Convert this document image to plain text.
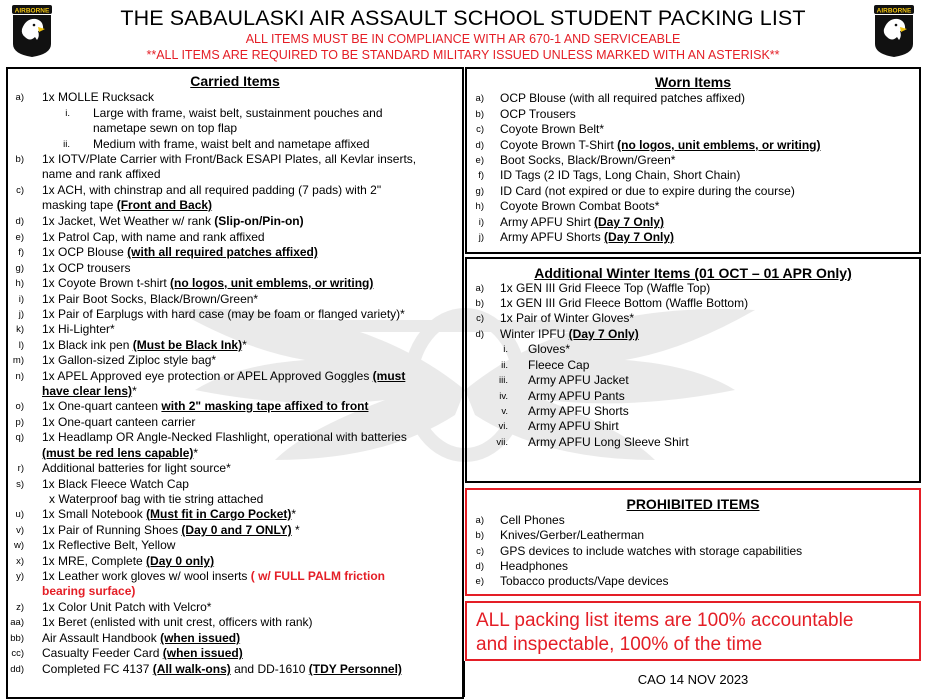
AIRBORNE	AIRBORNE
THE SABAULASKI AIR ASSAULT SCHOOL STUDENT PACKING LIST
ALL ITEMS MUST BE IN COMPLIANCE WITH AR 670-1 AND SERVICEABLE
**ALL ITEMS ARE REQUIRED TO BE STANDARD MILITARY ISSUED UNLESS MARKED WITH AN ASTERISK**
Carried Items
a) 1x MOLLE Rucksack
i. Large with frame, waist belt, sustainment pouches and
nametape sewn on top flap
ii. Medium with frame, waist belt and nametape affixed
b) 1x IOTV/Plate Carrier with Front/Back ESAPI Plates, all Kevlar inserts,
name and rank affixed
c) 1x ACH, with chinstrap and all required padding (7 pads) with 2"
masking tape (Front and Back)
d) 1x Jacket, Wet Weather w/ rank (Slip-on/Pin-on)
e) 1x Patrol Cap, with name and rank affixed
f) 1x OCP Blouse (with all required patches affixed)
g) 1x OCP trousers
h) 1x Coyote Brown t-shirt (no logos, unit emblems, or writing)
i) 1x Pair Boot Socks, Black/Brown/Green*
j) 1x Pair of Earplugs with hard case (may be foam or flanged variety)*
k) 1x Hi-Lighter*
l) 1x Black ink pen (Must be Black Ink)*
m) 1x Gallon-sized Ziploc style bag*
n) 1x APEL Approved eye protection or APEL Approved Goggles (must
have clear lens)*
o) 1x One-quart canteen with 2" masking tape affixed to front
p) 1x One-quart canteen carrier
q) 1x Headlamp OR Angle-Necked Flashlight, operational with batteries
(must be red lens capable)*
r) Additional batteries for light source*
s) 1x Black Fleece Watch Cap
x Waterproof bag with tie string attached
u) 1x Small Notebook (Must fit in Cargo Pocket)*
v) 1x Pair of Running Shoes (Day 0 and 7 ONLY) *
w) 1x Reflective Belt, Yellow
x) 1x MRE, Complete (Day 0 only)
y) 1x Leather work gloves w/ wool inserts ( w/ FULL PALM friction
bearing surface)
z) 1x Color Unit Patch with Velcro*
aa) 1x Beret (enlisted with unit crest, officers with rank)
bb) Air Assault Handbook (when issued)
cc) Casualty Feeder Card (when issued)
dd) Completed FC 4137 (All walk-ons) and DD-1610 (TDY Personnel)
Worn Items
a) OCP Blouse (with all required patches affixed)
b) OCP Trousers
c) Coyote Brown Belt*
d) Coyote Brown T-Shirt (no logos, unit emblems, or writing)
e) Boot Socks, Black/Brown/Green*
f) ID Tags (2 ID Tags, Long Chain, Short Chain)
g) ID Card (not expired or due to expire during the course)
h) Coyote Brown Combat Boots*
i) Army APFU Shirt (Day 7 Only)
j) Army APFU Shorts (Day 7 Only)
Additional Winter Items (01 OCT – 01 APR Only)
a) 1x GEN III Grid Fleece Top (Waffle Top)
b) 1x GEN III Grid Fleece Bottom (Waffle Bottom)
c) 1x Pair of Winter Gloves*
d) Winter IPFU (Day 7 Only)
i. Gloves*
ii. Fleece Cap
iii. Army APFU Jacket
iv. Army APFU Pants
v. Army APFU Shorts
vi. Army APFU Shirt
vii. Army APFU Long Sleeve Shirt
PROHIBITED ITEMS
a) Cell Phones
b) Knives/Gerber/Leatherman
c) GPS devices to include watches with storage capabilities
d) Headphones
e) Tobacco products/Vape devices
ALL packing list items are 100% accountable
and inspectable, 100% of the time
CAO 14 NOV 2023
